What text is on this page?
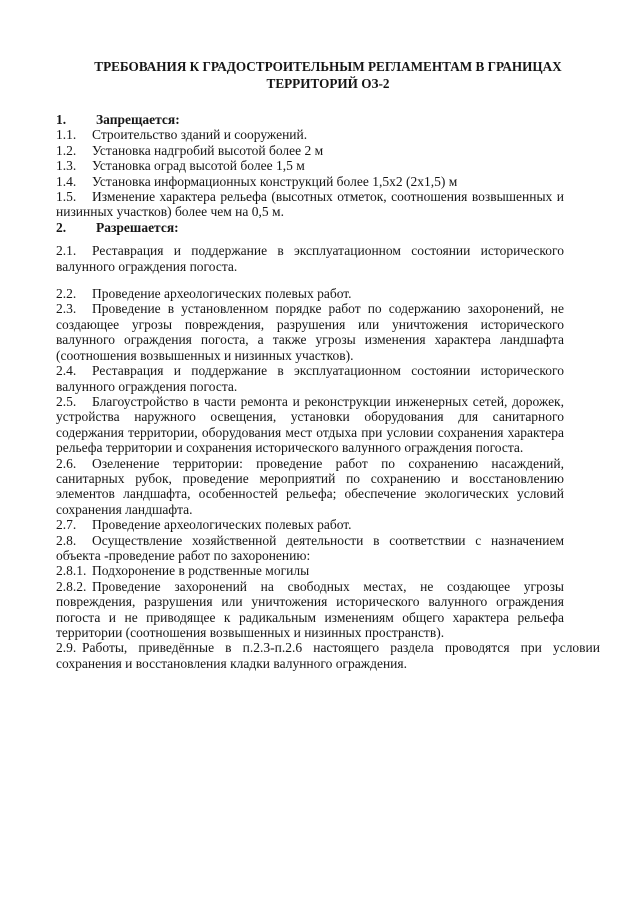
ТРЕБОВАНИЯ К ГРАДОСТРОИТЕЛЬНЫМ РЕГЛАМЕНТАМ В ГРАНИЦАХ
ТЕРРИТОРИЙ ОЗ-2
1.	Запрещается:

1.1. Строительство зданий и сооружений.

1.2. Установка надгробий высотой более 2 м

1.3. Установка оград высотой более 1,5 м

1.4. Установка информационных конструкций более 1,5х2 (2х1,5) м

1.5. Изменение характера рельефа (высотных отметок, соотношения возвышенных и низинных участков) более чем на 0,5 м.

2.	Разрешается:

2.1. Реставрация и поддержание в эксплуатационном состоянии исторического валунного ограждения погоста.

2.2. Проведение археологических полевых работ.

2.3. Проведение в установленном порядке работ по содержанию захоронений, не создающее угрозы повреждения, разрушения или уничтожения исторического валунного ограждения погоста, а также угрозы изменения характера ландшафта (соотношения возвышенных и низинных участков).

2.4. Реставрация и поддержание в эксплуатационном состоянии исторического валунного ограждения погоста.

2.5. Благоустройство в части ремонта и реконструкции инженерных сетей, дорожек, устройства наружного освещения, установки оборудования для санитарного содержания территории, оборудования мест отдыха при условии сохранения характера рельефа территории и сохранения исторического валунного ограждения погоста.

2.6. Озеленение территории: проведение работ по сохранению насаждений, санитарных рубок, проведение мероприятий по сохранению и восстановлению элементов ландшафта, особенностей рельефа; обеспечение экологических условий сохранения ландшафта.

2.7. Проведение археологических полевых работ.

2.8. Осуществление хозяйственной деятельности в соответствии с назначением объекта -проведение работ по захоронению:

2.8.1. Подхоронение в родственные могилы

2.8.2. Проведение захоронений на свободных местах, не создающее угрозы повреждения, разрушения или уничтожения исторического валунного ограждения погоста и не приводящее к радикальным изменениям общего характера рельефа территории (соотношения возвышенных и низинных пространств).

2.9. Работы, приведённые в п.2.3-п.2.6 настоящего раздела проводятся при условии сохранения и восстановления кладки валунного ограждения.
